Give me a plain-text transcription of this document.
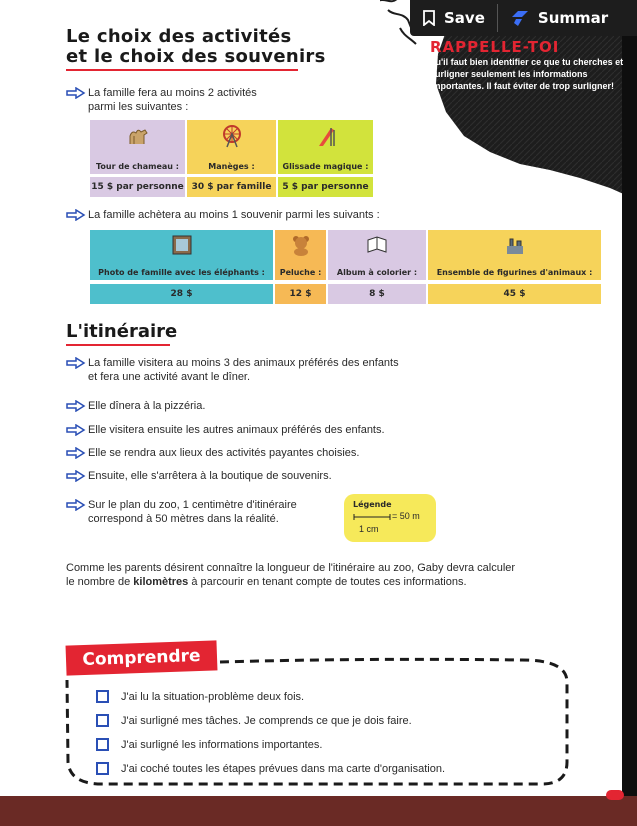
Save	Summar
RAPPELLE-TOI
qu'il faut bien identifier ce que tu cherches et surligner seulement les informations importantes. Il faut éviter de trop surligner!
Le choix des activités
et le choix des souvenirs
La famille fera au moins 2 activités
parmi les suivantes :
Tour de chameau :	Manèges :	Glissade magique :
15 $ par personne 30 $ par famille	5 $ par personne
La famille achètera au moins 1 souvenir parmi les suivants :
Photo de famille avec les éléphants :	Peluche :	Album à colorier :	Ensemble de figurines d'animaux :
28 $	12 $	8 $	45 $
L'itinéraire
La famille visitera au moins 3 des animaux préférés des enfants
et fera une activité avant le dîner.
Elle dînera à la pizzéria.
Elle visitera ensuite les autres animaux préférés des enfants.
Elle se rendra aux lieux des activités payantes choisies.
Ensuite, elle s'arrêtera à la boutique de souvenirs.
Sur le plan du zoo, 1 centimètre d'itinéraire
correspond à 50 mètres dans la réalité.
Légende
= 50 m
1 cm
Comme les parents désirent connaître la longueur de l'itinéraire au zoo, Gaby devra calculer
le nombre de kilomètres à parcourir en tenant compte de toutes ces informations.
Comprendre
J'ai lu la situation-problème deux fois.
J'ai surligné mes tâches. Je comprends ce que je dois faire.
J'ai surligné les informations importantes.
J'ai coché toutes les étapes prévues dans ma carte d'organisation.
